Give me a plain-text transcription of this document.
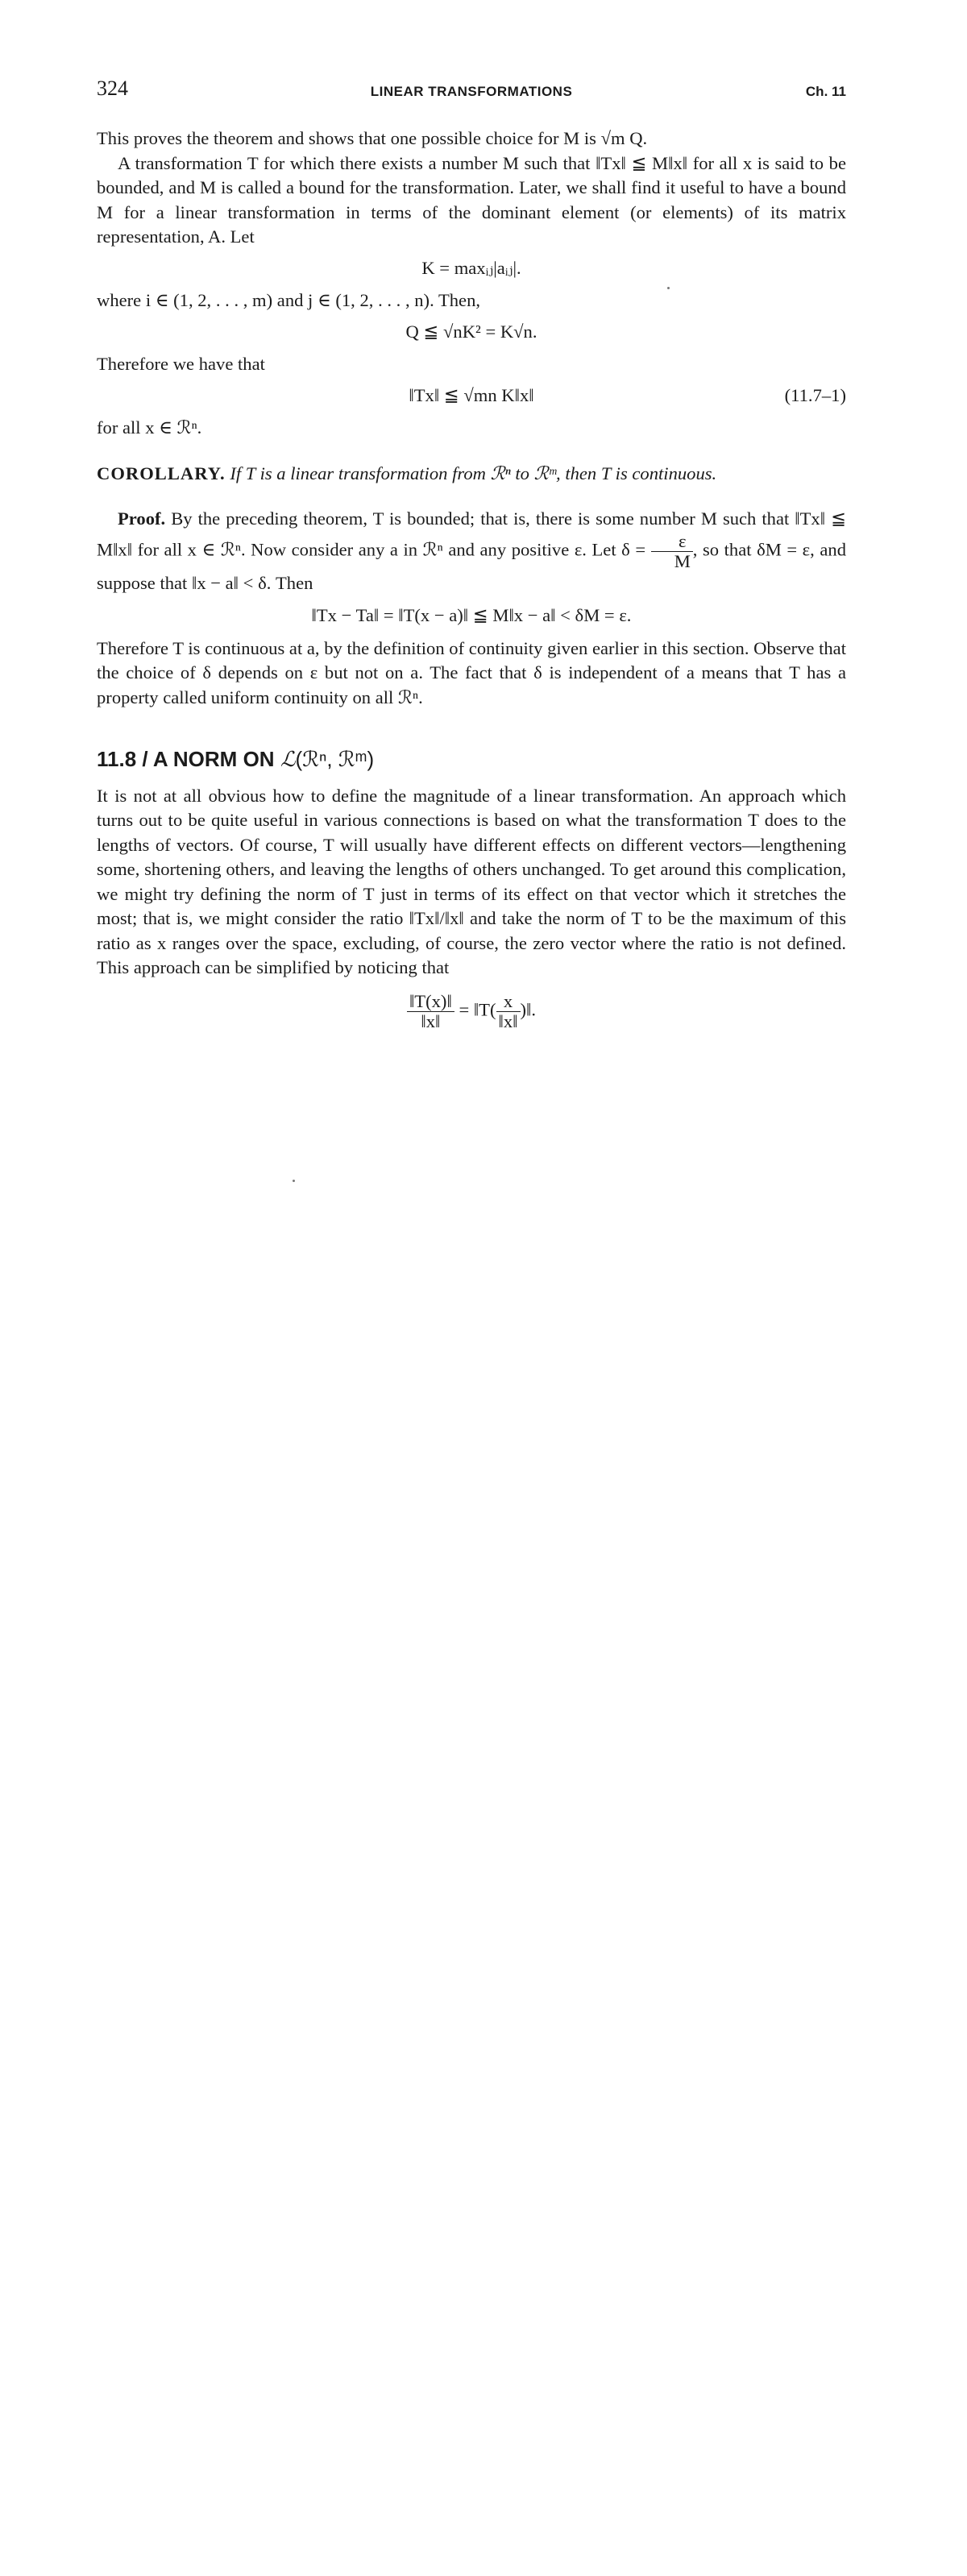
324	LINEAR TRANSFORMATIONS	Ch. 11

This proves the theorem and shows that one possible choice for M is √m Q.

A transformation T for which there exists a number M such that ‖Tx‖ ≦ M‖x‖ for all x is said to be bounded, and M is called a bound for the transformation. Later, we shall find it useful to have a bound M for a linear transformation in terms of the dominant element (or elements) of its matrix representation, A. Let

K = maxᵢⱼ|aᵢⱼ|.

where i ∈ (1, 2, . . . , m) and j ∈ (1, 2, . . . , n). Then,

Q ≦ √nK² = K√n.

Therefore we have that

‖Tx‖ ≦ √mn K‖x‖	(11.7–1)

for all x ∈ ℛⁿ.

COROLLARY. If T is a linear transformation from ℛⁿ to ℛᵐ, then T is continuous.

Proof. By the preceding theorem, T is bounded; that is, there is some number M such that ‖Tx‖ ≦ M‖x‖ for all x ∈ ℛⁿ. Now consider any a in ℛⁿ and any positive ε. Let $\delta = \frac{\varepsilon}{M}$ , so that δM = ε, and suppose that ‖x − a‖ < δ. Then

‖Tx − Ta‖ = ‖T(x − a)‖ ≦ M‖x − a‖ < δM = ε.

Therefore T is continuous at a, by the definition of continuity given earlier in this section. Observe that the choice of δ depends on ε but not on a. The fact that δ is independent of a means that T has a property called uniform continuity on all ℛⁿ.

11.8 / A NORM ON ℒ(ℛⁿ, ℛᵐ)

It is not at all obvious how to define the magnitude of a linear transformation. An approach which turns out to be quite useful in various connections is based on what the transformation T does to the lengths of vectors. Of course, T will usually have different effects on different vectors—lengthening some, shortening others, and leaving the lengths of others unchanged. To get around this complication, we might try defining the norm of T just in terms of its effect on that vector which it stretches the most; that is, we might consider the ratio ‖Tx‖/‖x‖ and take the norm of T to be the maximum of this ratio as x ranges over the space, excluding, of course, the zero vector where the ratio is not defined. This approach can be simplified by noticing that

$\frac{‖T(x)‖}{‖x‖}$ = ‖T( $\frac{x}{‖x‖}$ )‖.
